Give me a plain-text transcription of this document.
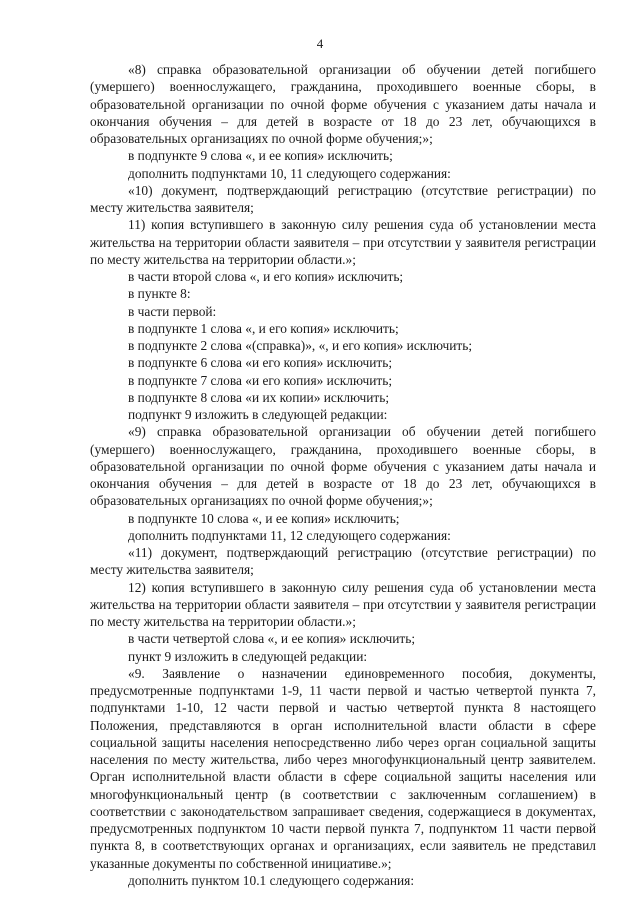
4

«8) справка образовательной организации об обучении детей погибшего (умершего) военнослужащего, гражданина, проходившего военные сборы, в образовательной организации по очной форме обучения с указанием даты начала и окончания обучения – для детей в возрасте от 18 до 23 лет, обучающихся в образовательных организациях по очной форме обучения;»;

в подпункте 9 слова «, и ее копия» исключить;

дополнить подпунктами 10, 11 следующего содержания:

«10) документ, подтверждающий регистрацию (отсутствие регистрации) по месту жительства заявителя;

11) копия вступившего в законную силу решения суда об установлении места жительства на территории области заявителя – при отсутствии у заявителя регистрации по месту жительства на территории области.»;

в части второй слова «, и его копия» исключить;

в пункте 8:

в части первой:

в подпункте 1 слова «, и его копия» исключить;

в подпункте 2 слова «(справка)», «, и его копия» исключить;

в подпункте 6 слова «и его копия» исключить;

в подпункте 7 слова «и его копия» исключить;

в подпункте 8 слова «и их копии» исключить;

подпункт 9 изложить в следующей редакции:

«9) справка образовательной организации об обучении детей погибшего (умершего) военнослужащего, гражданина, проходившего военные сборы, в образовательной организации по очной форме обучения с указанием даты начала и окончания обучения – для детей в возрасте от 18 до 23 лет, обучающихся в образовательных организациях по очной форме обучения;»;

в подпункте 10 слова «, и ее копия» исключить;

дополнить подпунктами 11, 12 следующего содержания:

«11) документ, подтверждающий регистрацию (отсутствие регистрации) по месту жительства заявителя;

12) копия вступившего в законную силу решения суда об установлении места жительства на территории области заявителя – при отсутствии у заявителя регистрации по месту жительства на территории области.»;

в части четвертой слова «, и ее копия» исключить;

пункт 9 изложить в следующей редакции:

«9. Заявление о назначении единовременного пособия, документы, предусмотренные подпунктами 1-9, 11 части первой и частью четвертой пункта 7, подпунктами 1-10, 12 части первой и частью четвертой пункта 8 настоящего Положения, представляются в орган исполнительной власти области в сфере социальной защиты населения непосредственно либо через орган социальной защиты населения по месту жительства, либо через многофункциональный центр заявителем. Орган исполнительной власти области в сфере социальной защиты населения или многофункциональный центр (в соответствии с заключенным соглашением) в соответствии с законодательством запрашивает сведения, содержащиеся в документах, предусмотренных подпунктом 10 части первой пункта 7, подпунктом 11 части первой пункта 8, в соответствующих органах и организациях, если заявитель не представил указанные документы по собственной инициативе.»;

дополнить пунктом 10.1 следующего содержания:
